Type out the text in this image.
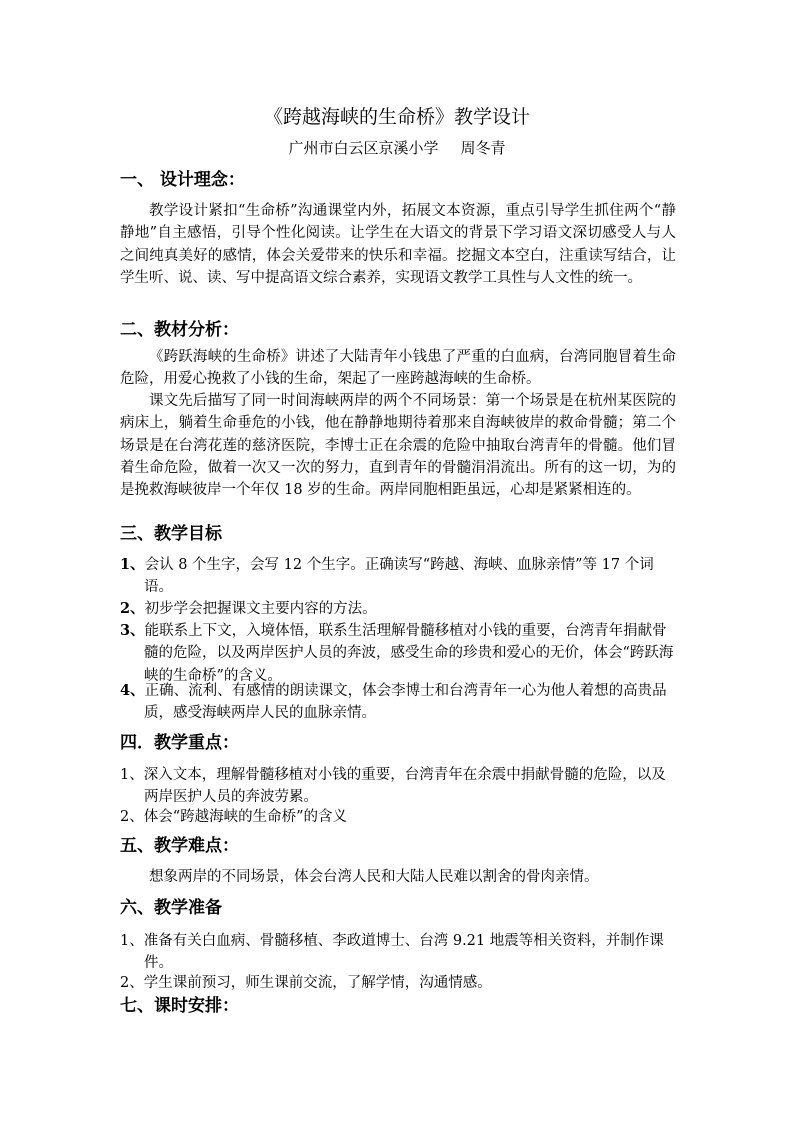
《跨越海峡的生命桥》教学设计
广州市白云区京溪小学 周冬青
一、 设计理念：
教学设计紧扣“生命桥”沟通课堂内外，拓展文本资源，重点引导学生抓住两个“静静地”自主感悟，引导个性化阅读。让学生在大语文的背景下学习语文深切感受人与人之间纯真美好的感情，体会关爱带来的快乐和幸福。挖掘文本空白，注重读写结合，让学生听、说、读、写中提高语文综合素养，实现语文教学工具性与人文性的统一。
二、教材分析：
《跨跃海峡的生命桥》讲述了大陆青年小钱患了严重的白血病，台湾同胞冒着生命危险，用爱心挽救了小钱的生命，架起了一座跨越海峡的生命桥。
课文先后描写了同一时间海峡两岸的两个不同场景：第一个场景是在杭州某医院的病床上，躺着生命垂危的小钱，他在静静地期待着那来自海峡彼岸的救命骨髓；第二个场景是在台湾花莲的慈济医院，李博士正在余震的危险中抽取台湾青年的骨髓。他们冒着生命危险，做着一次又一次的努力，直到青年的骨髓涓涓流出。所有的这一切，为的是挽救海峡彼岸一个年仅 18 岁的生命。两岸同胞相距虽远，心却是紧紧相连的。
三、教学目标
1、会认 8 个生字，会写 12 个生字。正确读写“跨越、海峡、血脉亲情”等 17 个词语。
2、初步学会把握课文主要内容的方法。
3、能联系上下文，入境体悟，联系生活理解骨髓移植对小钱的重要，台湾青年捐献骨髓的危险，以及两岸医护人员的奔波，感受生命的珍贵和爱心的无价，体会“跨跃海峡的生命桥”的含义。
4、正确、流利、有感情的朗读课文，体会李博士和台湾青年一心为他人着想的高贵品质，感受海峡两岸人民的血脉亲情。
四．教学重点：
1、深入文本，理解骨髓移植对小钱的重要，台湾青年在余震中捐献骨髓的危险，以及两岸医护人员的奔波劳累。
2、体会“跨越海峡的生命桥”的含义
五、教学难点：
想象两岸的不同场景，体会台湾人民和大陆人民难以割舍的骨肉亲情。
六、教学准备
1、准备有关白血病、骨髓移植、李政道博士、台湾 9.21 地震等相关资料，并制作课件。
2、学生课前预习，师生课前交流，了解学情，沟通情感。
七、课时安排：
